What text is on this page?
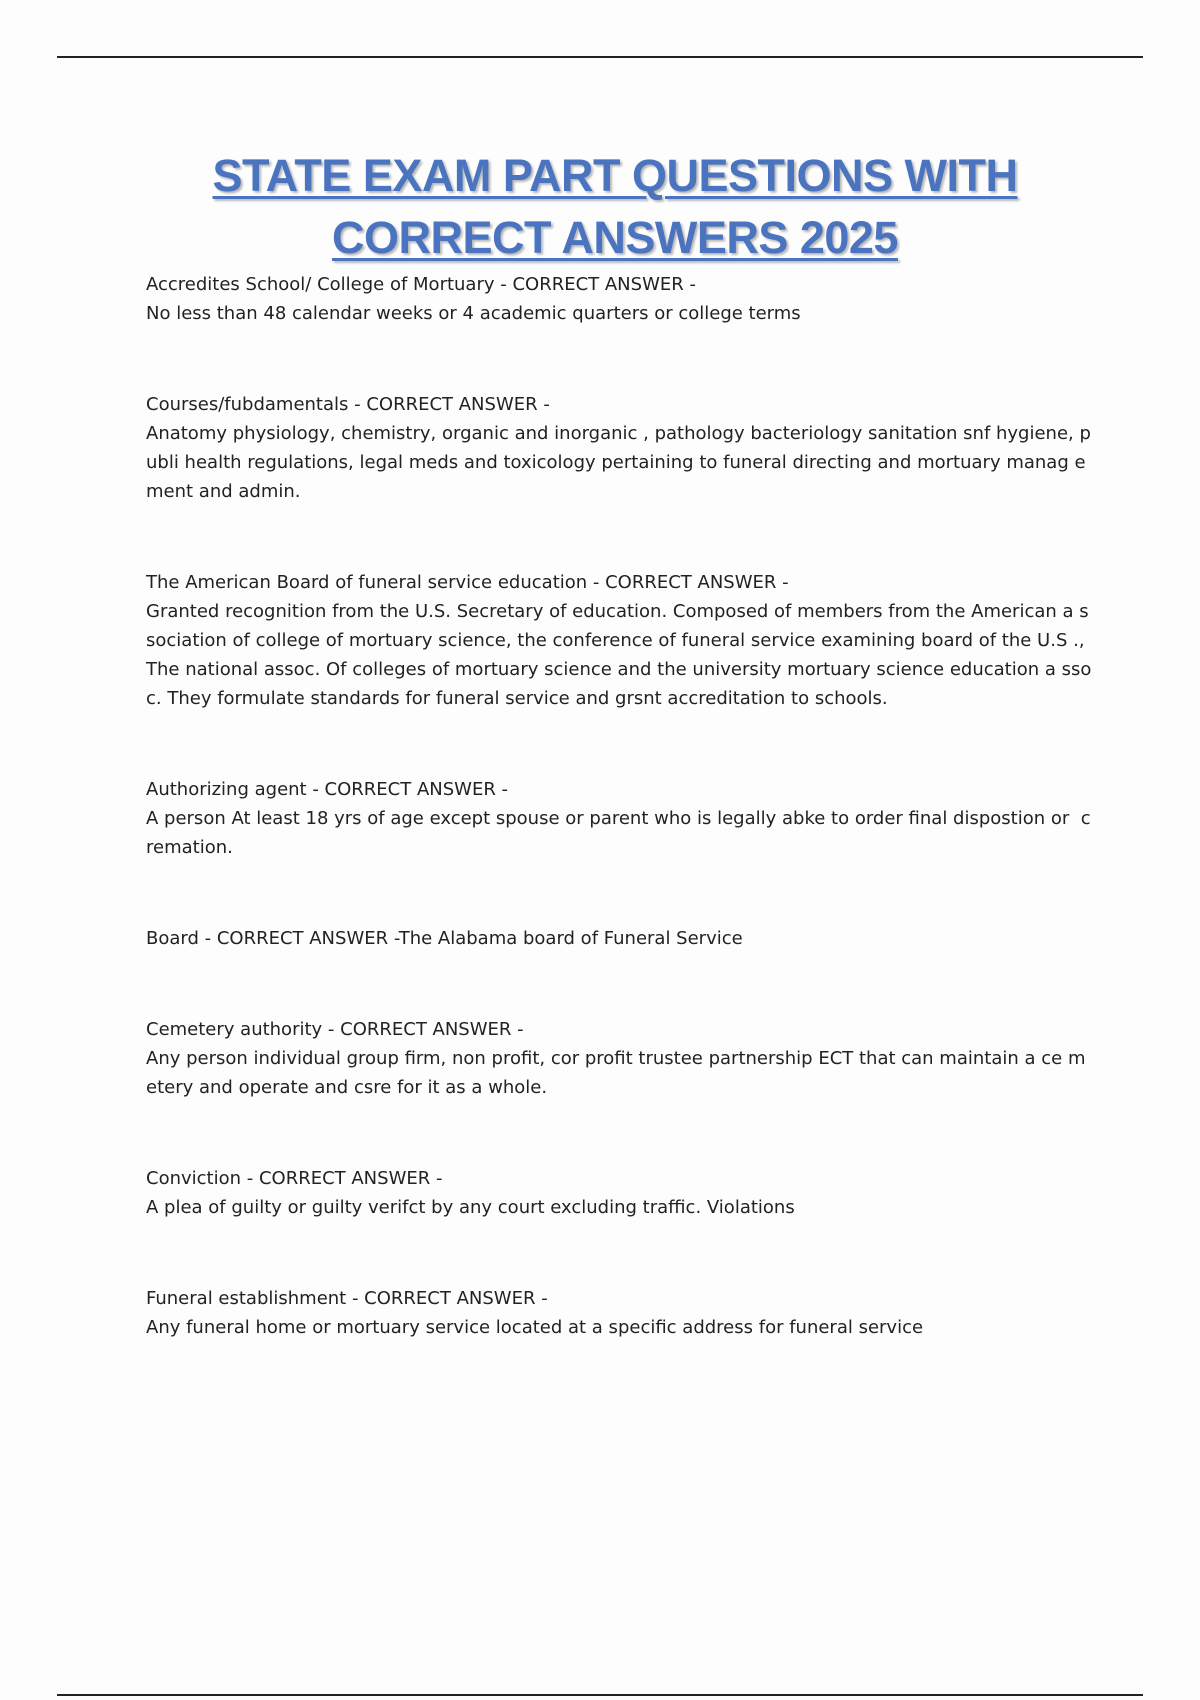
STATE EXAM PART QUESTIONS WITH
CORRECT ANSWERS 2025
Accredites School/ College of Mortuary - CORRECT ANSWER -
No less than 48 calendar weeks or 4 academic quarters or college terms
Courses/fubdamentals - CORRECT ANSWER -
Anatomy physiology, chemistry, organic and inorganic , pathology bacteriology sanitation snf hygiene, publi health regulations, legal meds and toxicology pertaining to funeral directing and mortuary manag ement and admin.
The American Board of funeral service education - CORRECT ANSWER -
Granted recognition from the U.S. Secretary of education. Composed of members from the American a ssociation of college of mortuary science, the conference of funeral service examining board of the U.S ., The national assoc. Of colleges of mortuary science and the university mortuary science education a ssoc. They formulate standards for funeral service and grsnt accreditation to schools.
Authorizing agent - CORRECT ANSWER -
A person At least 18 yrs of age except spouse or parent who is legally abke to order final dispostion or  cremation.
Board - CORRECT ANSWER -The Alabama board of Funeral Service
Cemetery authority - CORRECT ANSWER -
Any person individual group firm, non profit, cor profit trustee partnership ECT that can maintain a ce metery and operate and csre for it as a whole.
Conviction - CORRECT ANSWER -
A plea of guilty or guilty verifct by any court excluding traffic. Violations
Funeral establishment - CORRECT ANSWER -
Any funeral home or mortuary service located at a specific address for funeral service
